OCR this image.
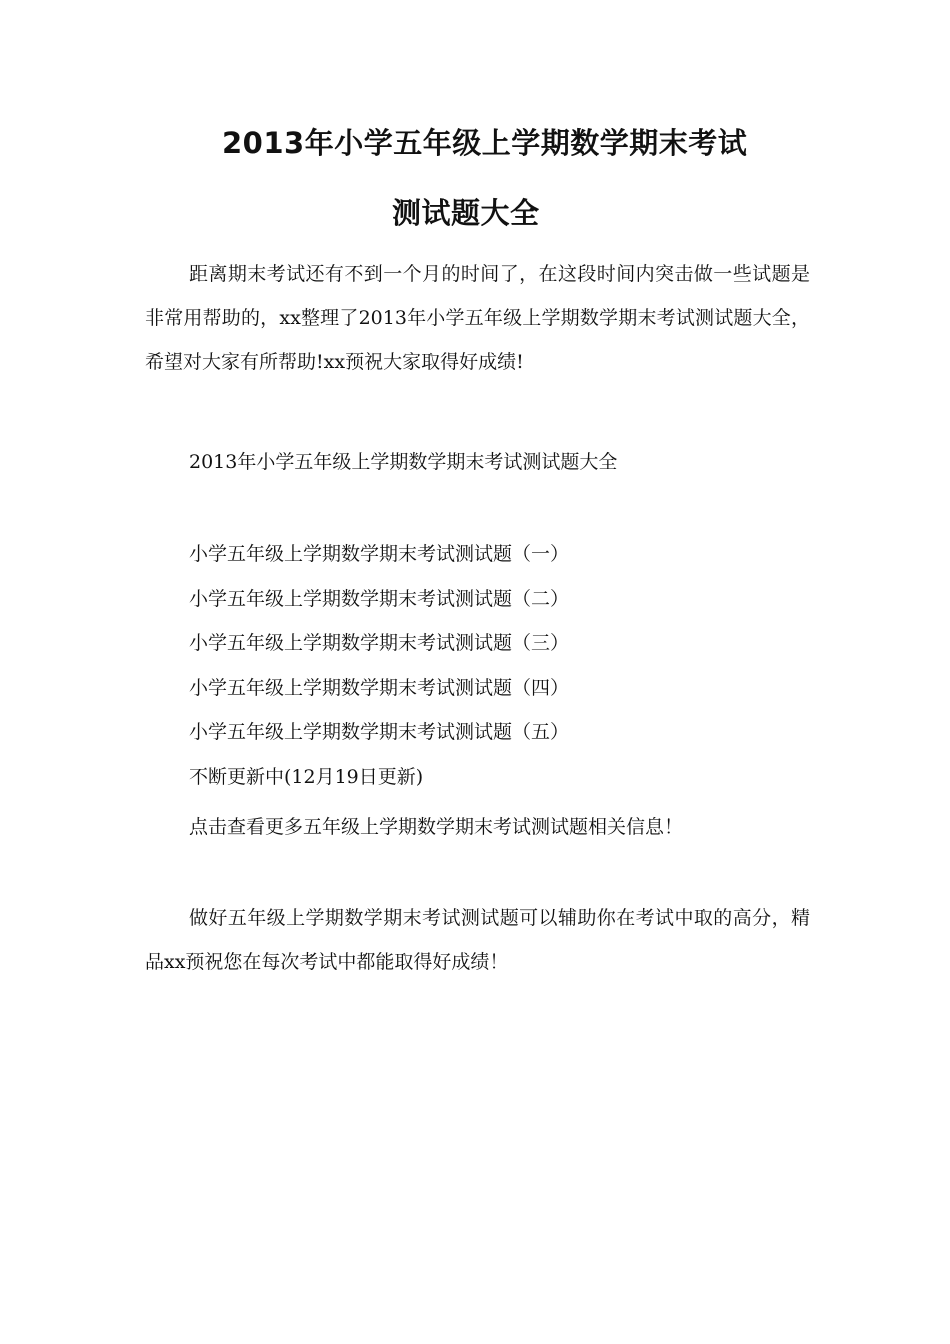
2013年小学五年级上学期数学期末考试
测试题大全

距离期末考试还有不到一个月的时间了，在这段时间内突击做一些试题是非常用帮助的，xx整理了2013年小学五年级上学期数学期末考试测试题大全，希望对大家有所帮助!xx预祝大家取得好成绩!

2013年小学五年级上学期数学期末考试测试题大全
小学五年级上学期数学期末考试测试题（一）
小学五年级上学期数学期末考试测试题（二）
小学五年级上学期数学期末考试测试题（三）
小学五年级上学期数学期末考试测试题（四）
小学五年级上学期数学期末考试测试题（五）
不断更新中(12月19日更新)
点击查看更多五年级上学期数学期末考试测试题相关信息！

做好五年级上学期数学期末考试测试题可以辅助你在考试中取的高分，精品xx预祝您在每次考试中都能取得好成绩！
